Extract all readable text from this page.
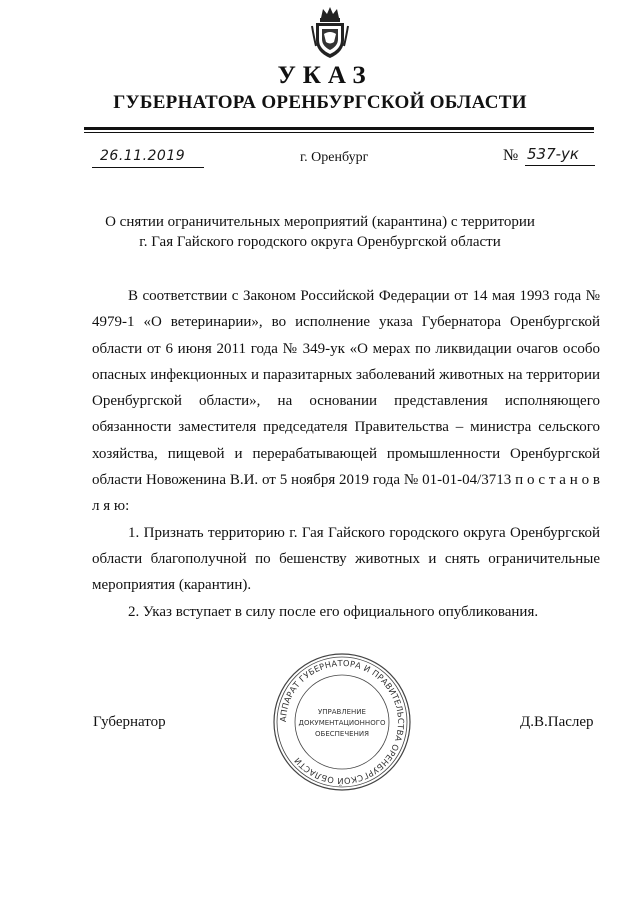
УКАЗ
ГУБЕРНАТОРА ОРЕНБУРГСКОЙ ОБЛАСТИ
26.11.2019	г. Оренбург	№ 537-ук
О снятии ограничительных мероприятий (карантина) с территории
г. Гая Гайского городского округа Оренбургской области

В соответствии с Законом Российской Федерации от 14 мая 1993 года № 4979-1 «О ветеринарии», во исполнение указа Губернатора Оренбургской области от 6 июня 2011 года № 349-ук «О мерах по ликвидации очагов особо опасных инфекционных и паразитарных заболеваний животных на территории Оренбургской области», на основании представления исполняющего обязанности заместителя председателя Правительства – министра сельского хозяйства, пищевой и перерабатывающей промышленности Оренбургской области Новоженина В.И. от 5 ноября 2019 года № 01-01-04/3713 п о с т а н о в л я ю:

1. Признать территорию г. Гая Гайского городского округа Оренбургской области благополучной по бешенству животных и снять ограничительные мероприятия (карантин).

2. Указ вступает в силу после его официального опубликования.

АППАРАТ ГУБЕРНАТОРА И ПРАВИТЕЛЬСТВА ОРЕНБУРГСКОЙ ОБЛАСТИ
УПРАВЛЕНИЕ
ДОКУМЕНТАЦИОННОГО
ОБЕСПЕЧЕНИЯ
Губернатор	Д.В.Паслер
